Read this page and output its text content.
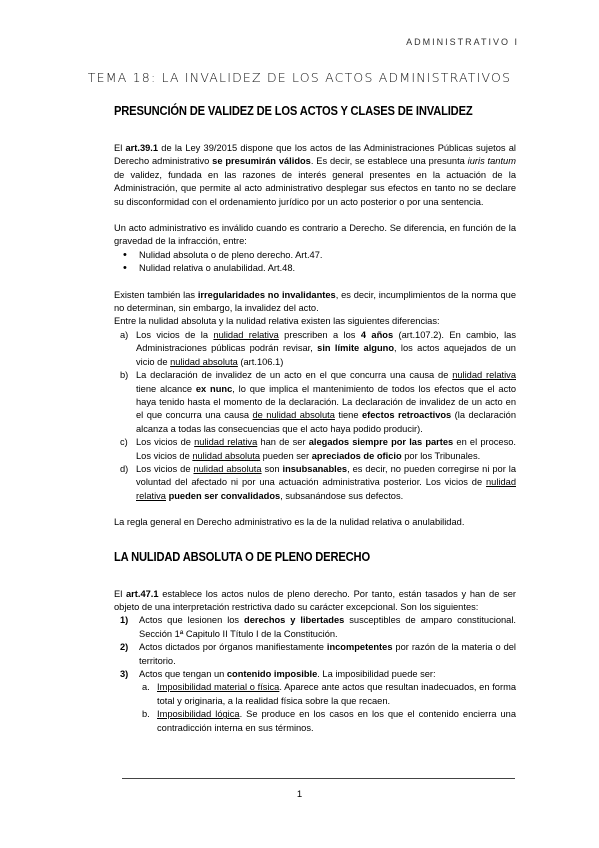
ADMINISTRATIVO I
TEMA 18: LA INVALIDEZ DE LOS ACTOS ADMINISTRATIVOS
PRESUNCIÓN DE VALIDEZ DE LOS ACTOS Y CLASES DE INVALIDEZ

El art.39.1 de la Ley 39/2015 dispone que los actos de las Administraciones Públicas sujetos al Derecho administrativo se presumirán válidos. Es decir, se establece una presunta iuris tantum de validez, fundada en las razones de interés general presentes en la actuación de la Administración, que permite al acto administrativo desplegar sus efectos en tanto no se declare su disconformidad con el ordenamiento jurídico por un acto posterior o por una sentencia.

Un acto administrativo es inválido cuando es contrario a Derecho. Se diferencia, en función de la gravedad de la infracción, entre:

• Nulidad absoluta o de pleno derecho. Art.47.
• Nulidad relativa o anulabilidad. Art.48.

Existen también las irregularidades no invalidantes, es decir, incumplimientos de la norma que no determinan, sin embargo, la invalidez del acto.

Entre la nulidad absoluta y la nulidad relativa existen las siguientes diferencias:

a) Los vicios de la nulidad relativa prescriben a los 4 años (art.107.2). En cambio, las Administraciones públicas podrán revisar, sin límite alguno, los actos aquejados de un vicio de nulidad absoluta (art.106.1)
b) La declaración de invalidez de un acto en el que concurra una causa de nulidad relativa tiene alcance ex nunc, lo que implica el mantenimiento de todos los efectos que el acto haya tenido hasta el momento de la declaración. La declaración de invalidez de un acto en el que concurra una causa de nulidad absoluta tiene efectos retroactivos (la declaración alcanza a todas las consecuencias que el acto haya podido producir).
c) Los vicios de nulidad relativa han de ser alegados siempre por las partes en el proceso. Los vicios de nulidad absoluta pueden ser apreciados de oficio por los Tribunales.
d) Los vicios de nulidad absoluta son insubsanables, es decir, no pueden corregirse ni por la voluntad del afectado ni por una actuación administrativa posterior. Los vicios de nulidad relativa pueden ser convalidados, subsanándose sus defectos.

La regla general en Derecho administrativo es la de la nulidad relativa o anulabilidad.

LA NULIDAD ABSOLUTA O DE PLENO DERECHO

El art.47.1 establece los actos nulos de pleno derecho. Por tanto, están tasados y han de ser objeto de una interpretación restrictiva dado su carácter excepcional. Son los siguientes:

1) Actos que lesionen los derechos y libertades susceptibles de amparo constitucional. Sección 1ª Capitulo II Título I de la Constitución.
2) Actos dictados por órganos manifiestamente incompetentes por razón de la materia o del territorio.
3) Actos que tengan un contenido imposible. La imposibilidad puede ser:
a. Imposibilidad material o física. Aparece ante actos que resultan inadecuados, en forma total y originaria, a la realidad física sobre la que recaen.
b. Imposibilidad lógica. Se produce en los casos en los que el contenido encierra una contradicción interna en sus términos.
1
